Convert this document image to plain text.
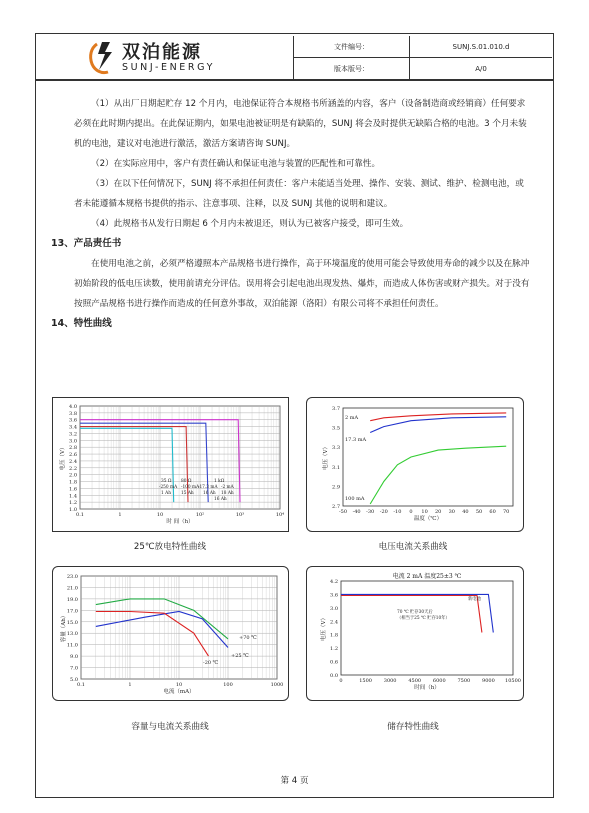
双泊能源
SUNJ-ENERGY
文件编号：	SUNJ.S.01.010.d
版本版号：	A/0

（1）从出厂日期起贮存 12 个月内，电池保证符合本规格书所涵盖的内容，客户（设备制造商或经销商）任何要求必须在此时期内提出。在此保证期内，如果电池被证明是有缺陷的，SUNJ 将会及时提供无缺陷合格的电池。3 个月未装机的电池，建议对电池进行激活，激活方案请咨询 SUNJ。

（2）在实际应用中，客户有责任确认和保证电池与装置的匹配性和可靠性。

（3）在以下任何情况下，SUNJ 将不承担任何责任：客户未能适当处理、操作、安装、测试、维护、检测电池，或者未能遵循本规格书提供的指示、注意事项、注释，以及 SUNJ 其他的说明和建议。

（4）此规格书从发行日期起 6 个月内未被退还，则认为已被客户接受，即可生效。

13、产品责任书

在使用电池之前，必须严格遵照本产品规格书进行操作，高于环境温度的使用可能会导致使用寿命的减少以及在脉冲初始阶段的低电压读数，使用前请充分评估。误用将会引起电池出现发热、爆炸，而造成人体伤害或财产损失。对于没有按照产品规格书进行操作而造成的任何意外事故，双泊能源（洛阳）有限公司将不承担任何责任。

14、特性曲线

1.0
1.2
1.4
1.6
1.8
2.0
2.2
2.4
2.6
2.8
3.0
3.2
3.4
3.6
3.8
4.0
0.1	1	10	10²	10³	10⁴
时 间（h）
电压（V）
35 Ω 80 Ω	1 kΩ
-250 mA -100 mA
-17.3 mA -2 mA
1 Ah 15 Ah 16 Ah 18 Ah
16 Ah
25℃放电特性曲线
2.7
2.9
3.1
3.3
3.5
3.7
-50 -40 -30 -20 -10 0 10 20 30 40 50 60 70
温度（℃）
电压（V）
2 mA
17.3 mA
100 mA
电压电流关系曲线
5.0
7.0
9.0
11.0
13.0
15.0
17.0
19.0
21.0
23.0
0.1	1	10	100	1000
电流（mA）
容量（Ah）	+70 ℃
+25 ℃
-20 ℃
容量与电流关系曲线
0.0
0.6
1.2
1.8
2.4
3.0
3.6
4.2
0	1500 3000 4500 6000 7500 9000 10500
时间（h）
电压（V）
电流 2 mA 温度25±3 ℃
新电池
70 ℃ 贮存30天后
（相当于25 ℃ 贮存10年）
储存特性曲线
第 4 页
